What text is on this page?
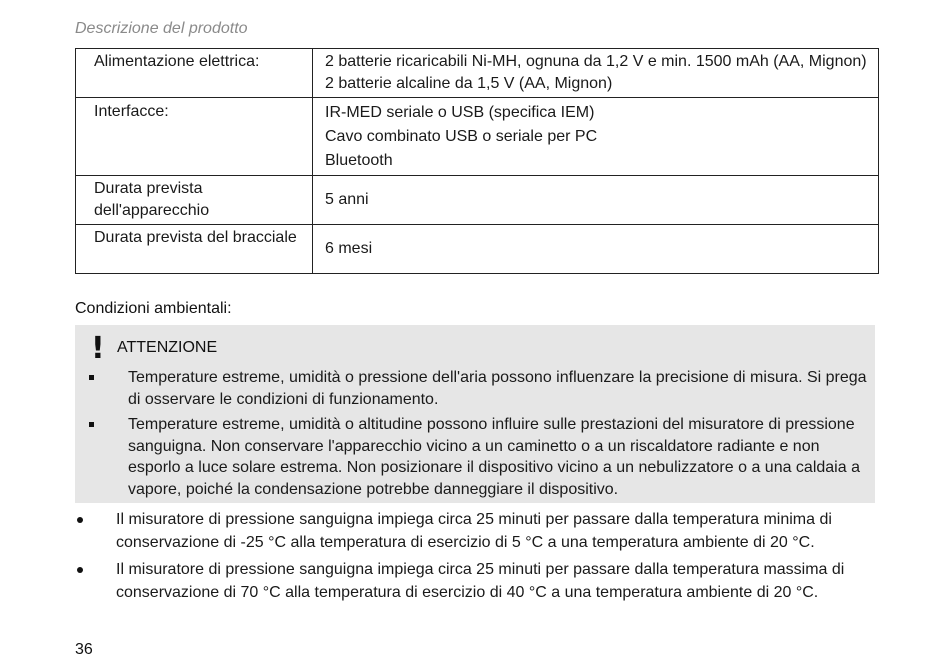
Descrizione del prodotto
Alimentazione elettrica:	2 batterie ricaricabili Ni-MH, ognuna da 1,2 V e min. 1500 mAh (AA, Mignon)
2 batterie alcaline da 1,5 V (AA, Mignon)

Interfacce:	IR-MED seriale o USB (specifica IEM)
Cavo combinato USB o seriale per PC
Bluetooth

Durata prevista dell'apparecchio	5 anni

Durata prevista del bracciale	6 mesi
Condizioni ambientali:
! ATTENZIONE
Temperature estreme, umidità o pressione dell'aria possono influenzare la precisione di misura. Si prega di osservare le condizioni di funzionamento.
Temperature estreme, umidità o altitudine possono influire sulle prestazioni del misuratore di pressione sanguigna. Non conservare l'apparecchio vicino a un caminetto o a un riscaldatore radiante e non esporlo a luce solare estrema. Non posizionare il dispositivo vicino a un nebulizzatore o a una caldaia a vapore, poiché la condensazione potrebbe danneggiare il dispositivo.
Il misuratore di pressione sanguigna impiega circa 25 minuti per passare dalla temperatura minima di conservazione di -25 °C alla temperatura di esercizio di 5 °C a una temperatura ambiente di 20 °C.
Il misuratore di pressione sanguigna impiega circa 25 minuti per passare dalla temperatura massima di conservazione di 70 °C alla temperatura di esercizio di 40 °C a una temperatura ambiente di 20 °C.
36
